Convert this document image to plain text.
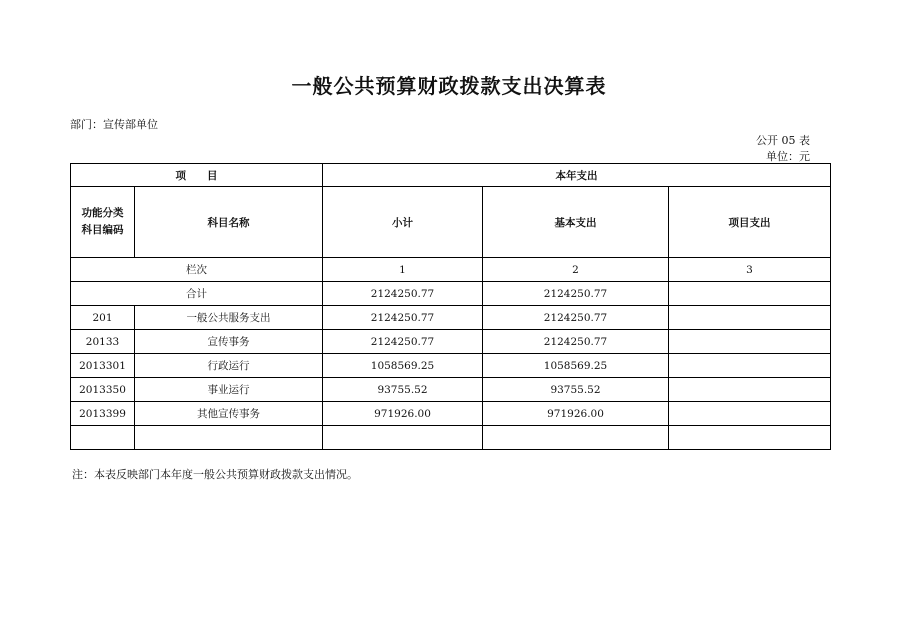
一般公共预算财政拨款支出决算表
部门：宣传部单位
公开 05 表
单位：元
项　　目		本年支出		

功能分类
科目编码	科目名称	小计	基本支出	项目支出
栏次		1	2	3
合计		2124250.77	2124250.77	
201	一般公共服务支出	2124250.77	2124250.77	
20133	宣传事务	2124250.77	2124250.77	
2013301	行政运行	1058569.25	1058569.25	
2013350	事业运行	93755.52	93755.52	
2013399	其他宣传事务	971926.00	971926.00	

注：本表反映部门本年度一般公共预算财政拨款支出情况。
